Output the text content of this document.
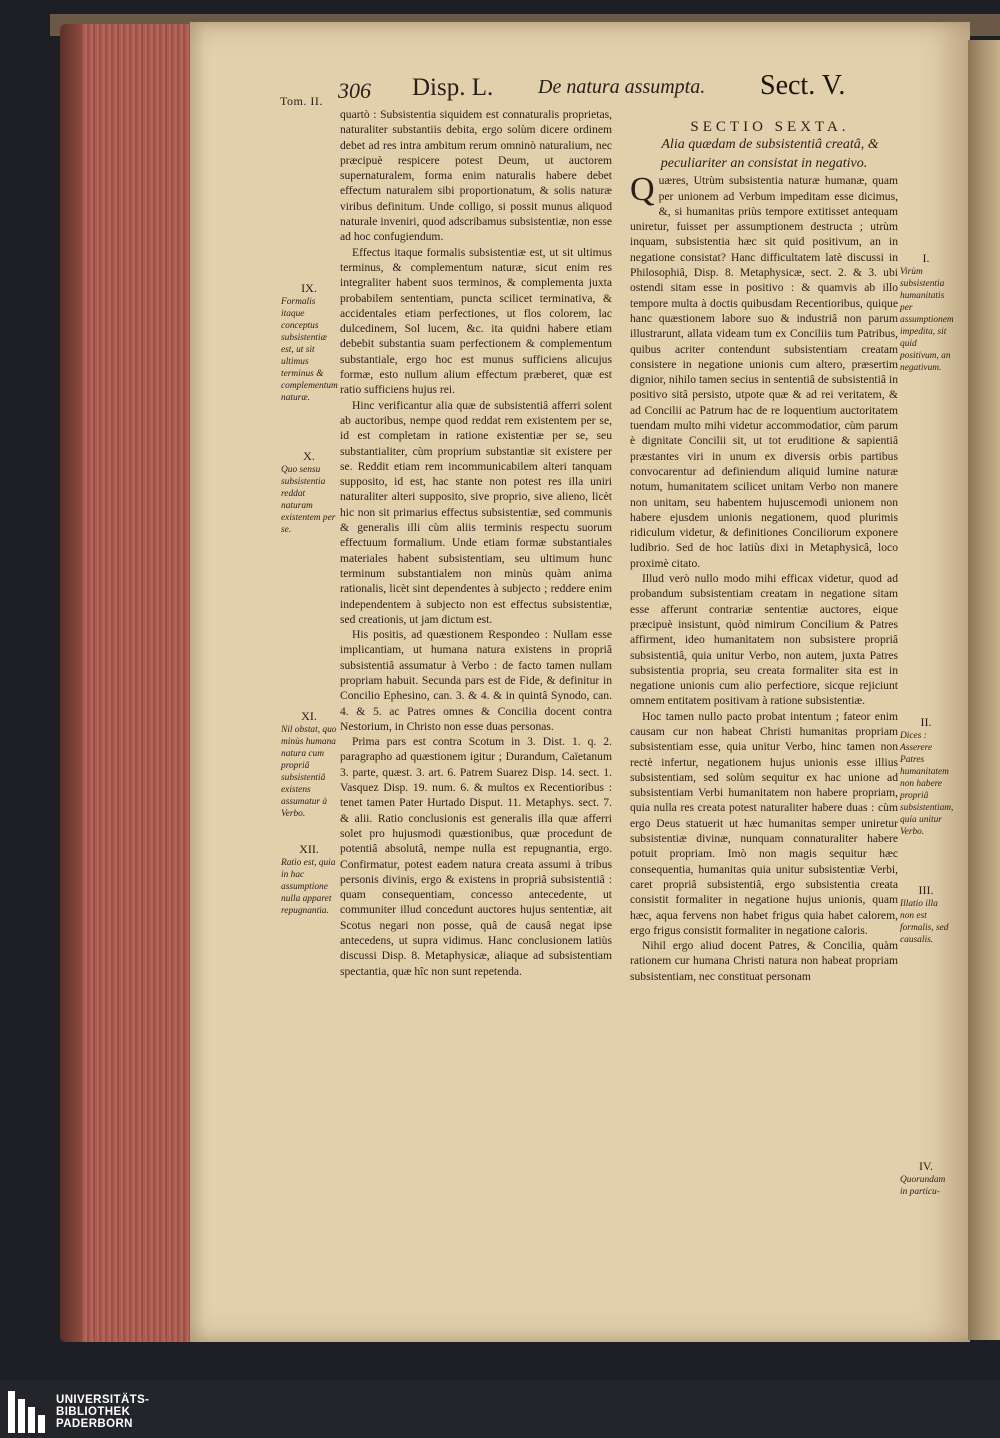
Tom. II. 306 Disp. L. De natura assumpta. Sect. V.

quartò : Subsistentia siquidem est connaturalis proprietas, naturaliter substantiis debita, ergo solùm dicere ordinem debet ad res intra ambitum rerum omninò naturalium, nec præcipuè respicere potest Deum, ut auctorem supernaturalem, forma enim naturalis habere debet effectum naturalem sibi proportionatum, & solis naturæ viribus definitum. Unde colligo, si possit munus aliquod naturale inveniri, quod adscribamus subsistentiæ, non esse ad hoc confugiendum.

Effectus itaque formalis subsistentiæ est, ut sit ultimus terminus, & complementum naturæ, sicut enim res integraliter habent suos terminos, & complementa juxta probabilem sententiam, puncta scilicet terminativa, & accidentales etiam perfectiones, ut flos colorem, lac dulcedinem, Sol lucem, &c. ita quidni habere etiam debebit substantia suam perfectionem & complementum substantiale, ergo hoc est munus sufficiens alicujus formæ, esto nullum alium effectum præberet, quæ est ratio sufficiens hujus rei.

Hinc verificantur alia quæ de subsistentiâ afferri solent ab auctoribus, nempe quod reddat rem existentem per se, id est completam in ratione existentiæ per se, seu substantialiter, cùm proprium substantiæ sit existere per se. Reddit etiam rem incommunicabilem alteri tanquam supposito, id est, hac stante non potest res illa uniri naturaliter alteri supposito, sive proprio, sive alieno, licèt hic non sit primarius effectus subsistentiæ, sed communis & generalis illi cùm aliis terminis respectu suorum effectuum formalium. Unde etiam formæ substantiales materiales habent subsistentiam, seu ultimum hunc terminum substantialem non minùs quàm anima rationalis, licèt sint dependentes à subjecto ; reddere enim independentem à subjecto non est effectus subsistentiæ, sed creationis, ut jam dictum est.

His positis, ad quæstionem Respondeo : Nullam esse implicantiam, ut humana natura existens in propriâ subsistentiâ assumatur à Verbo : de facto tamen nullam propriam habuit. Secunda pars est de Fide, & definitur in Concilio Ephesino, can. 3. & 4. & in quintâ Synodo, can. 4. & 5. ac Patres omnes & Concilia docent contra Nestorium, in Christo non esse duas personas.

Prima pars est contra Scotum in 3. Dist. 1. q. 2. paragrapho ad quæstionem igitur ; Durandum, Caïetanum 3. parte, quæst. 3. art. 6. Patrem Suarez Disp. 14. sect. 1. Vasquez Disp. 19. num. 6. & multos ex Recentioribus : tenet tamen Pater Hurtado Disput. 11. Metaphys. sect. 7. & alii. Ratio conclusionis est generalis illa quæ afferri solet pro hujusmodi quæstionibus, quæ procedunt de potentiâ absolutâ, nempe nulla est repugnantia, ergo. Confirmatur, potest eadem natura creata assumi à tribus personis divinis, ergo & existens in propriâ subsistentiâ : quam consequentiam, concesso antecedente, ut communiter illud concedunt auctores hujus sententiæ, ait Scotus negari non posse, quâ de causâ negat ipse antecedens, ut supra vidimus. Hanc conclusionem latiùs discussi Disp. 8. Metaphysicæ, aliaque ad subsistentiam spectantia, quæ hîc non sunt repetenda.

IX.
Formalis itaque conceptus subsistentiæ est, ut sit ultimus terminus & complementum naturæ.
X.
Quo sensu subsistentia reddat naturam existentem per se.
XI.
Nil obstat, quo minùs humana natura cum propriâ subsistentiâ existens assumatur à Verbo.
XII.
Ratio est, quia in hac assumptione nulla apparet repugnantia.

SECTIO SEXTA.

Alia quædam de subsistentiâ creatâ, & peculiariter an consistat in negativo.

Quæres, Utrùm subsistentia naturæ humanæ, quam per unionem ad Verbum impeditam esse dicimus, &, si humanitas priùs tempore extitisset antequam uniretur, fuisset per assumptionem destructa ; utrùm inquam, subsistentia hæc sit quid positivum, an in negatione consistat? Hanc difficultatem latè discussi in Philosophiâ, Disp. 8. Metaphysicæ, sect. 2. & 3. ubi ostendi sitam esse in positivo : & quamvis ab illo tempore multa à doctis quibusdam Recentioribus, quique hanc quæstionem labore suo & industriâ non parum illustrarunt, allata videam tum ex Conciliis tum Patribus, quibus acriter contendunt subsistentiam creatam consistere in negatione unionis cum altero, præsertim dignior, nihilo tamen secius in sententiâ de subsistentiâ in positivo sitâ persisto, utpote quæ & ad rei veritatem, & ad Concilii ac Patrum hac de re loquentium auctoritatem tuendam multo mihi videtur accommodatior, cùm parum è dignitate Concilii sit, ut tot eruditione & sapientiâ præstantes viri in unum ex diversis orbis partibus convocarentur ad definiendum aliquid lumine naturæ notum, humanitatem scilicet unitam Verbo non manere non unitam, seu habentem hujuscemodi unionem non habere ejusdem unionis negationem, quod plurimis ridiculum videtur, & definitiones Conciliorum exponere ludibrio. Sed de hoc latiùs dixi in Metaphysicâ, loco proximè citato.

Illud verò nullo modo mihi efficax videtur, quod ad probandum subsistentiam creatam in negatione sitam esse afferunt contrariæ sententiæ auctores, eique præcipuè insistunt, quòd nimirum Concilium & Patres affirment, ideo humanitatem non subsistere propriâ subsistentiâ, quia unitur Verbo, non autem, juxta Patres subsistentia propria, seu creata formaliter sita est in negatione unionis cum alio perfectiore, sicque rejiciunt omnem entitatem positivam à ratione subsistentiæ.

Hoc tamen nullo pacto probat intentum ; fateor enim causam cur non habeat Christi humanitas propriam subsistentiam esse, quia unitur Verbo, hinc tamen non rectè infertur, negationem hujus unionis esse illius subsistentiam, sed solùm sequitur ex hac unione ad subsistentiam Verbi humanitatem non habere propriam, quia nulla res creata potest naturaliter habere duas : cùm ergo Deus statuerit ut hæc humanitas semper uniretur subsistentiæ divinæ, nunquam connaturaliter habere potuit propriam. Imò non magis sequitur hæc consequentia, humanitas quia unitur subsistentiæ Verbi, caret propriâ subsistentiâ, ergo subsistentia creata consistit formaliter in negatione hujus unionis, quam hæc, aqua fervens non habet frigus quia habet calorem, ergo frigus consistit formaliter in negatione caloris.

Nihil ergo aliud docent Patres, & Concilia, quàm rationem cur humana Christi natura non habeat propriam subsistentiam, nec constituat personam

I.
Virùm subsistentia humanitatis per assumptionem impedita, sit quid positivum, an negativum.
II.
Dices : Asserere Patres humanitatem non habere propriâ subsistentiam, quia unitur Verbo.
III.
Illatio illa non est formalis, sed causalis.
IV.
Quorundam in particu-
UNIVERSITÄTS-
BIBLIOTHEK
PADERBORN
